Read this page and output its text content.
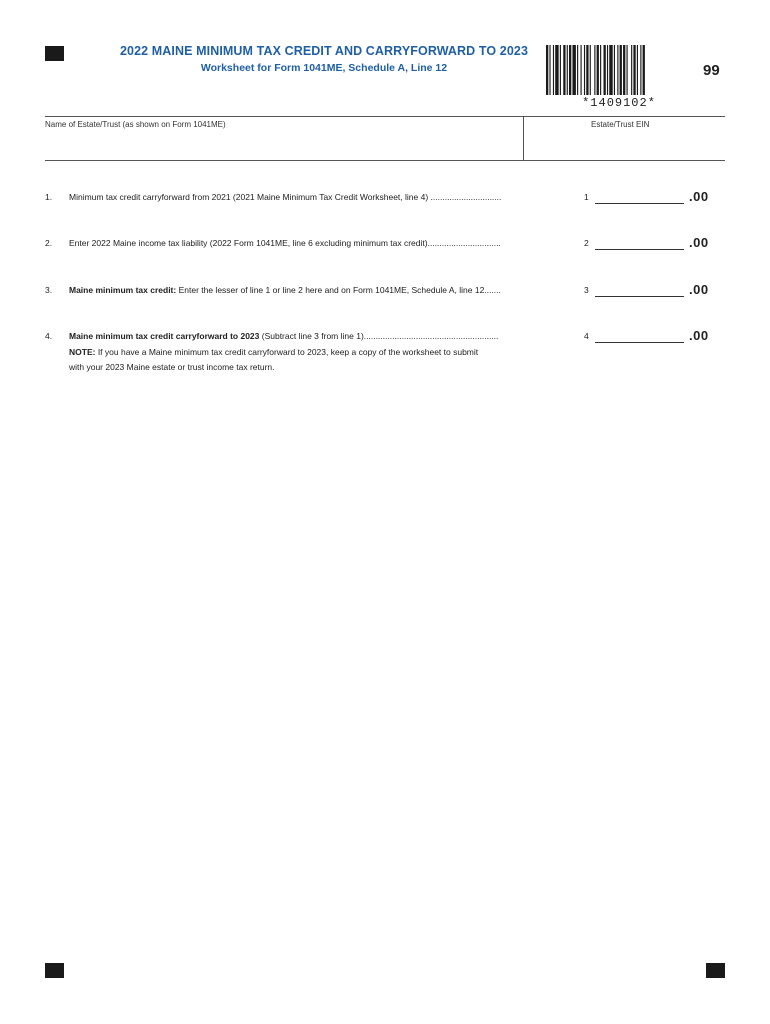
2022 MAINE MINIMUM TAX CREDIT AND CARRYFORWARD TO 2023
Worksheet for Form 1041ME, Schedule A, Line 12
*1409102*
99
Name of Estate/Trust (as shown on Form 1041ME)	Estate/Trust EIN
1. Minimum tax credit carryforward from 2021 (2021 Maine Minimum Tax Credit Worksheet, line 4) ..............................	1	.00
2. Enter 2022 Maine income tax liability (2022 Form 1041ME, line 6 excluding minimum tax credit)...............................	2	.00
3. Maine minimum tax credit: Enter the lesser of line 1 or line 2 here and on Form 1041ME, Schedule A, line 12.......	3	.00
4. Maine minimum tax credit carryforward to 2023 (Subtract line 3 from line 1).........................................................	4	.00
NOTE: If you have a Maine minimum tax credit carryforward to 2023, keep a copy of the worksheet to submit
with your 2023 Maine estate or trust income tax return.
